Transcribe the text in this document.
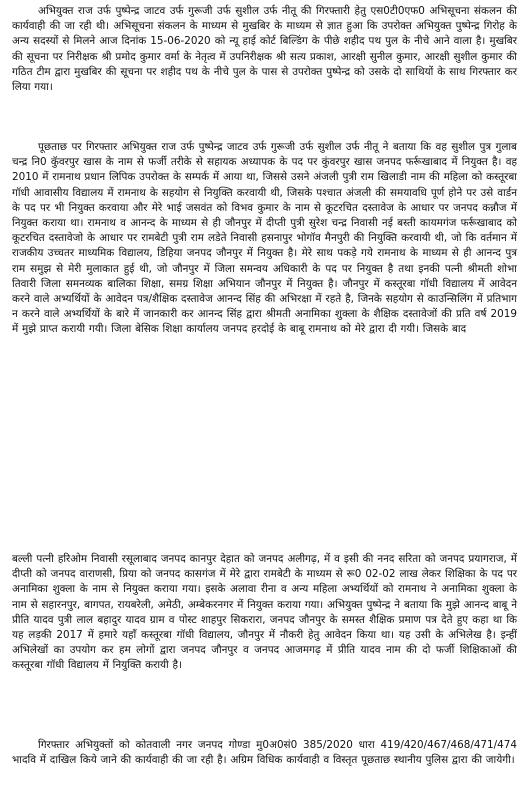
अभियुक्त राज उर्फ पुष्पेन्द्र जाटव उर्फ गुरूजी उर्फ सुशील उर्फ नीतू की गिरफ्तारी हेतु एस0टी0एफ0 अभिसूचना संकलन की कार्यवाही की जा रही थी। अभिसूचना संकलन के माध्यम से मुखबिर के माध्यम से ज्ञात हुआ कि उपरोक्त अभियुक्त पुष्पेन्द्र गिरोह के अन्य सदस्यों से मिलने आज दिनांक 15-06-2020 को न्यू हाई कोर्ट बिल्डिंग के पीछे शहीद पथ पुल के नीचे आने वाला है। मुखबिर की सूचना पर निरीक्षक श्री प्रमोद कुमार वर्मा के नेतृत्व में उपनिरीक्षक श्री सत्य प्रकाश, आरक्षी सुनील कुमार, आरक्षी सुशील कुमार की गठित टीम द्वारा मुखबिर की सूचना पर शहीद पथ के नीचे पुल के पास से उपरोक्त पुष्पेन्द्र को उसके दो साथियों के साथ गिरफ्तार कर लिया गया।

पूछताछ पर गिरफ्तार अभियुक्त राज उर्फ पुष्पेन्द्र जाटव उर्फ गुरूजी उर्फ सुशील उर्फ नीतू ने बताया कि वह सुशील पुत्र गुलाब चन्द्र नि0 कुॅवरपुर खास के नाम से फर्जी तरीके से सहायक अध्यापक के पद पर कुंवरपुर खास जनपद फर्रूखाबाद में नियुक्त है। वह 2010 में रामनाथ प्रधान लिपिक उपरोक्त के सम्पर्क में आया था, जिससे उसने अंजली पुत्री राम खिलाडी नाम की महिला को कस्तूरबा गॉधी आवासीय विद्यालय में रामनाथ के सहयोग से नियुक्ति करवायी थी, जिसके पश्चात अंजली की समयावधि पूर्ण होने पर उसे वार्डन के पद पर भी नियुक्त करवाया और मेरे भाई जसवंत को विभव कुमार के नाम से कूटरचित दस्तावेज के आधार पर जनपद कन्नौज में नियुक्त कराया था। रामनाथ व आनन्द के माध्यम से ही जौनपुर में दीप्ती पुत्री सुरेश चन्द्र निवासी नई बस्ती कायमगंज फर्रूखाबाद को कूटरचित दस्तावेजो के आधार पर रामबेटी पुत्री राम लडेते निवासी हसनापुर भोगॉव मैनपुरी की नियुक्ति करवायी थी, जो कि वर्तमान में राजकीय उच्चतर माध्यमिक विद्यालय, डिहिया जनपद जौनपुर में नियुक्त है। मेरे साथ पकड़े गये रामनाथ के माध्यम से ही आनन्द पुत्र राम समुझ से मेरी मुलाकात हुई थी, जो जौनपुर में जिला समन्वय अधिकारी के पद पर नियुक्त है तथा इनकी पत्नी श्रीमती शोभा तिवारी जिला समनव्यक बालिका शिक्षा, समग्र शिक्षा अभियान जौनपुर में नियुक्त है। जौनपुर में कस्तूरबा गॉधी विद्यालय में आवेदन करने वाले अभ्यर्थियों के आवेदन पत्र/शैक्षिक दस्तावेज आनन्द सिंह की अभिरक्षा में रहते है, जिनके सहयोग से काउन्सिलिंग में प्रतिभाग न करने वाले अभ्यर्थियों के बारे में जानकारी कर आनन्द सिंह द्वारा श्रीमती अनामिका शुक्ला के शैक्षिक दस्तावेजों की प्रति वर्ष 2019 में मुझे प्राप्त करायी गयी। जिला बेसिक शिक्षा कार्यालय जनपद हरदोई के बाबू रामनाथ को मेरे द्वारा दी गयी। जिसके बाद

बल्ली पत्नी हरिओम निवासी रसूलाबाद जनपद कानपुर देहात को जनपद अलीगढ़, में व इसी की ननद सरिता को जनपद प्रयागराज, में दीप्ती को जनपद वाराणसी, प्रिया को जनपद कासगंज में मेरे द्वारा रामबेटी के माध्यम से रू0 02-02 लाख लेकर शिक्षिका के पद पर अनामिका शुक्ला के नाम से नियुक्त कराया गया। इसके अलावा रीना व अन्य महिला अभ्यर्थियों को रामनाथ ने अनामिका शुक्ला के नाम से सहारनपुर, बागपत, रायबरेली, अमेठी, अम्बेकरनगर में नियुक्त कराया गया। अभियुक्त पुष्पेन्द्र ने बताया कि मुझे आनन्द बाबू ने प्रीति यादव पुत्री लाल बहादुर यादव ग्राम व पोस्ट शाहपुर सिकरारा, जनपद जौनपुर के समस्त शैक्षिक प्रमाण पत्र देते हुए कहा था कि यह लड़की 2017 में हमारे यहाँ कस्तूरबा गॉधी विद्यालय, जौनपुर में नौकरी हेतु आवेदन किया था। यह उसी के अभिलेख है। इन्हीं अभिलेखों का उपयोग कर हम लोगों द्वारा जनपद जौनपुर व जनपद आजमगढ़ में प्रीति यादव नाम की दो फर्जी शिक्षिकाओं की कस्तूरबा गॉधी विद्यालय में नियुक्ति करायी है।

गिरफ्तार अभियुक्तों को कोतवाली नगर जनपद गोण्डा मु0अ0सं0 385/2020 धारा 419/420/467/468/471/474 भादवि में दाखिल किये जाने की कार्यवाही की जा रही है। अग्रिम विधिक कार्यवाही व विस्तृत पूछताछ स्थानीय पुलिस द्वारा की जायेगी।
